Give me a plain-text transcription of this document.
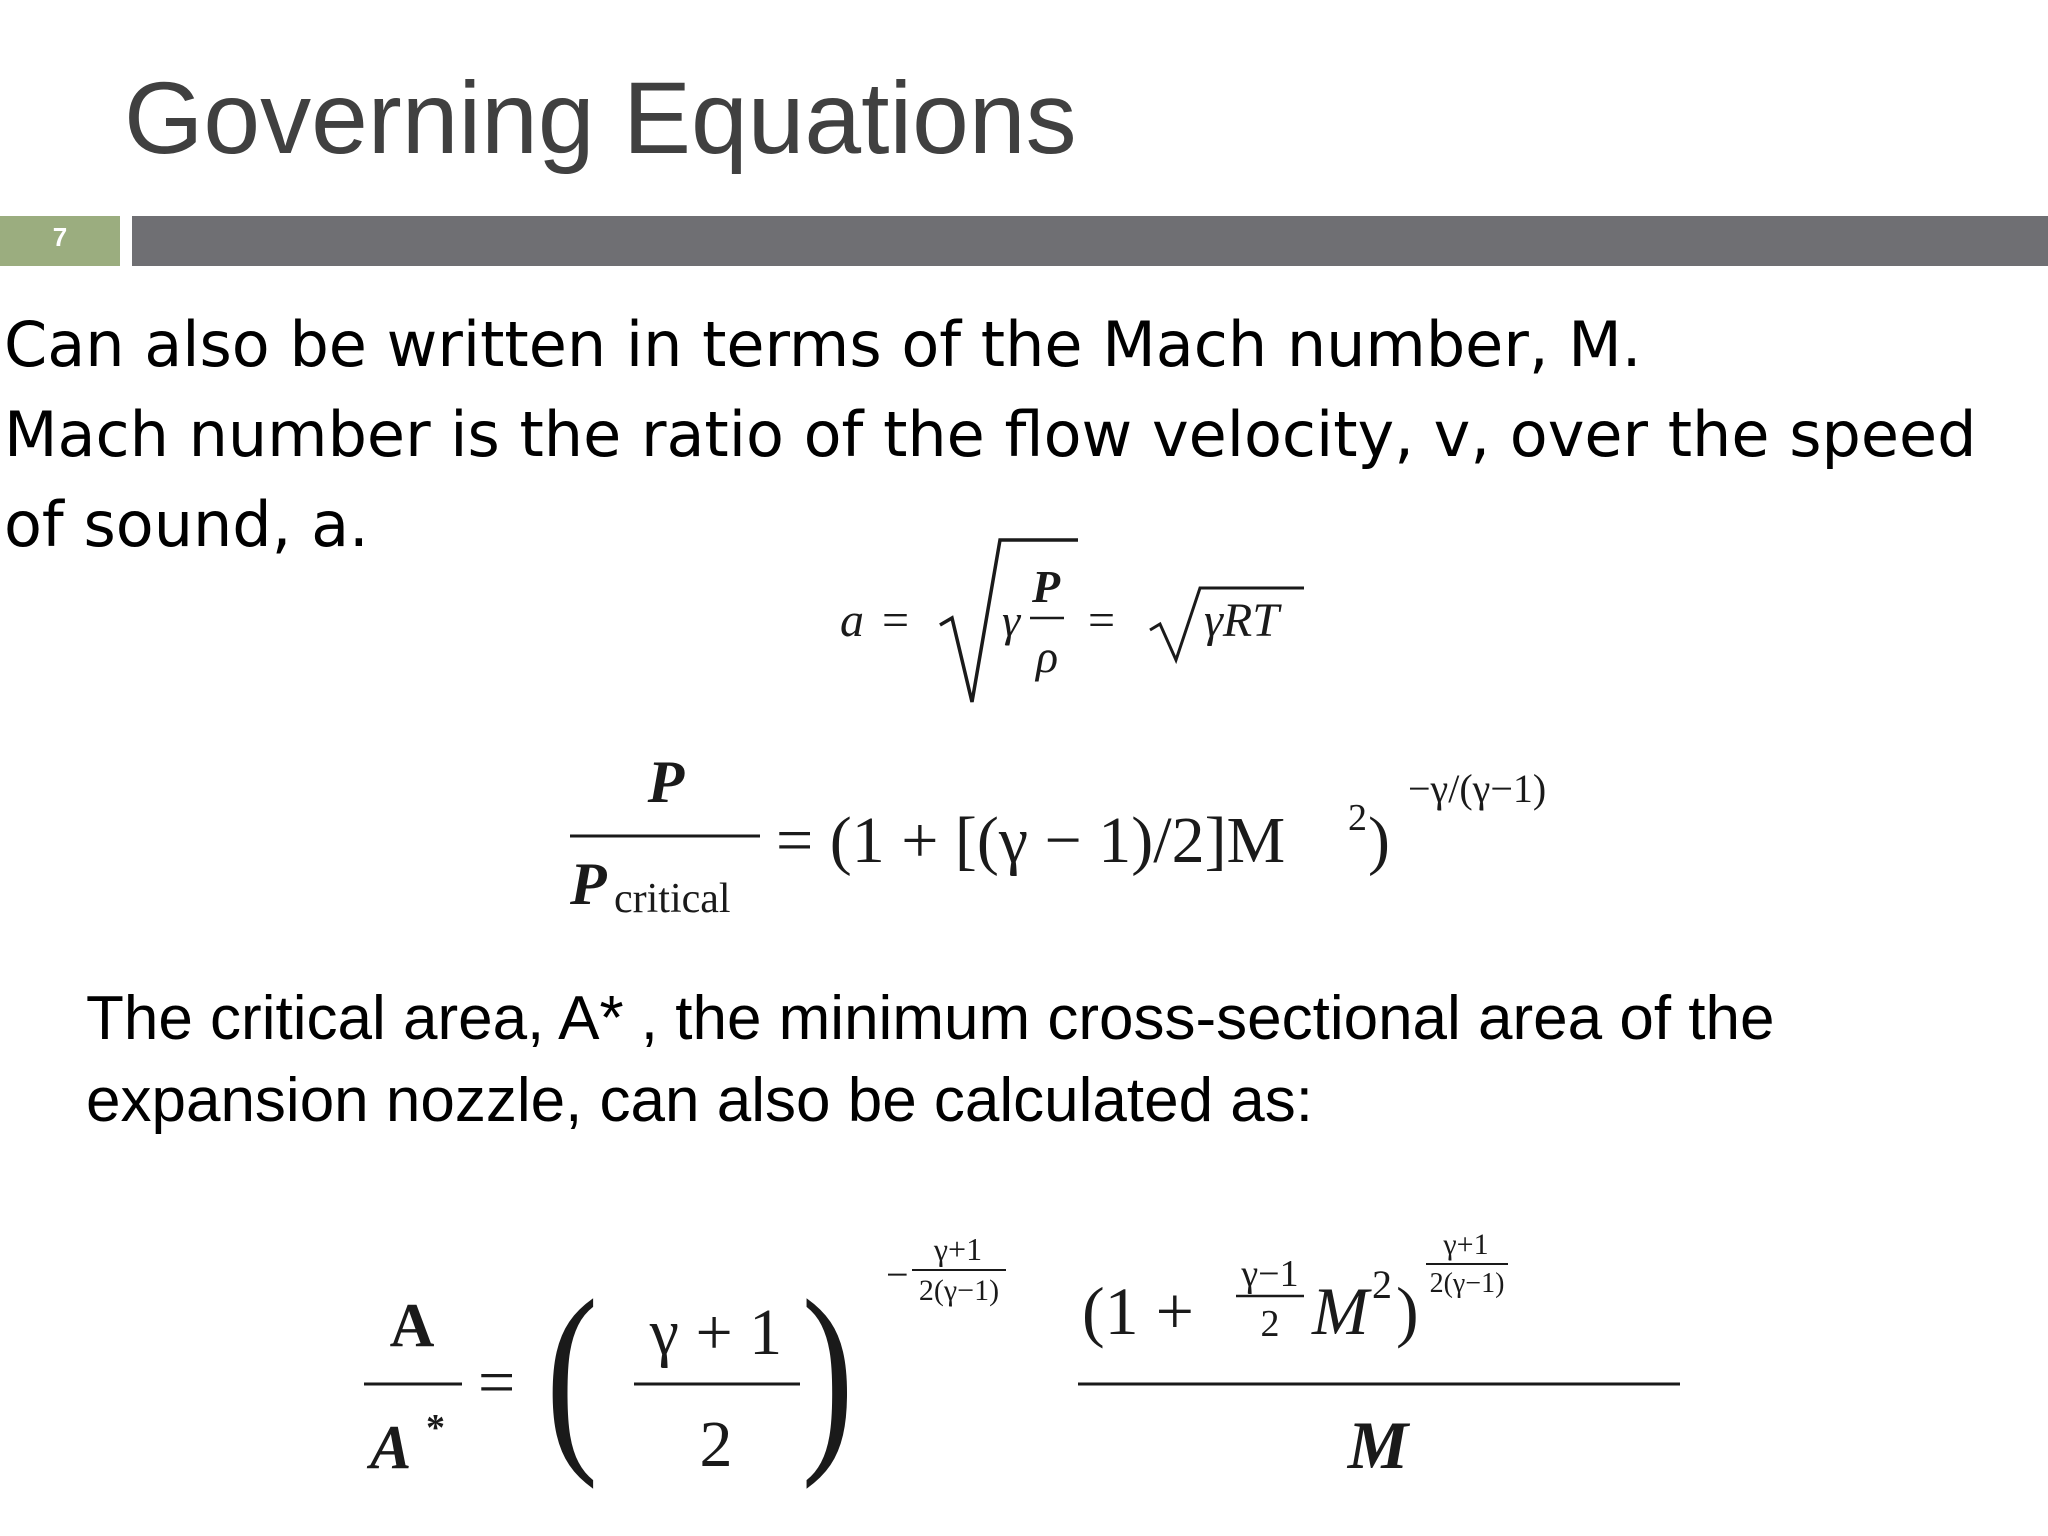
Governing Equations
7

Can also be written in terms of the Mach number, M.

Mach number is the ratio of the flow velocity, v, over the speed of sound, a.

a = γ
P
ρ
= γRT
P
P critical
= (1 + [(γ − 1)/2]M 2 )
−γ/(γ−1)

The critical area, A* , the minimum cross-sectional area of the expansion nozzle, can also be calculated as:

A
A *
= ( γ + 1
2 ) −
γ+1
2(γ−1) (1 + γ−1
2 M 2 )
γ+1
2(γ−1)
M
